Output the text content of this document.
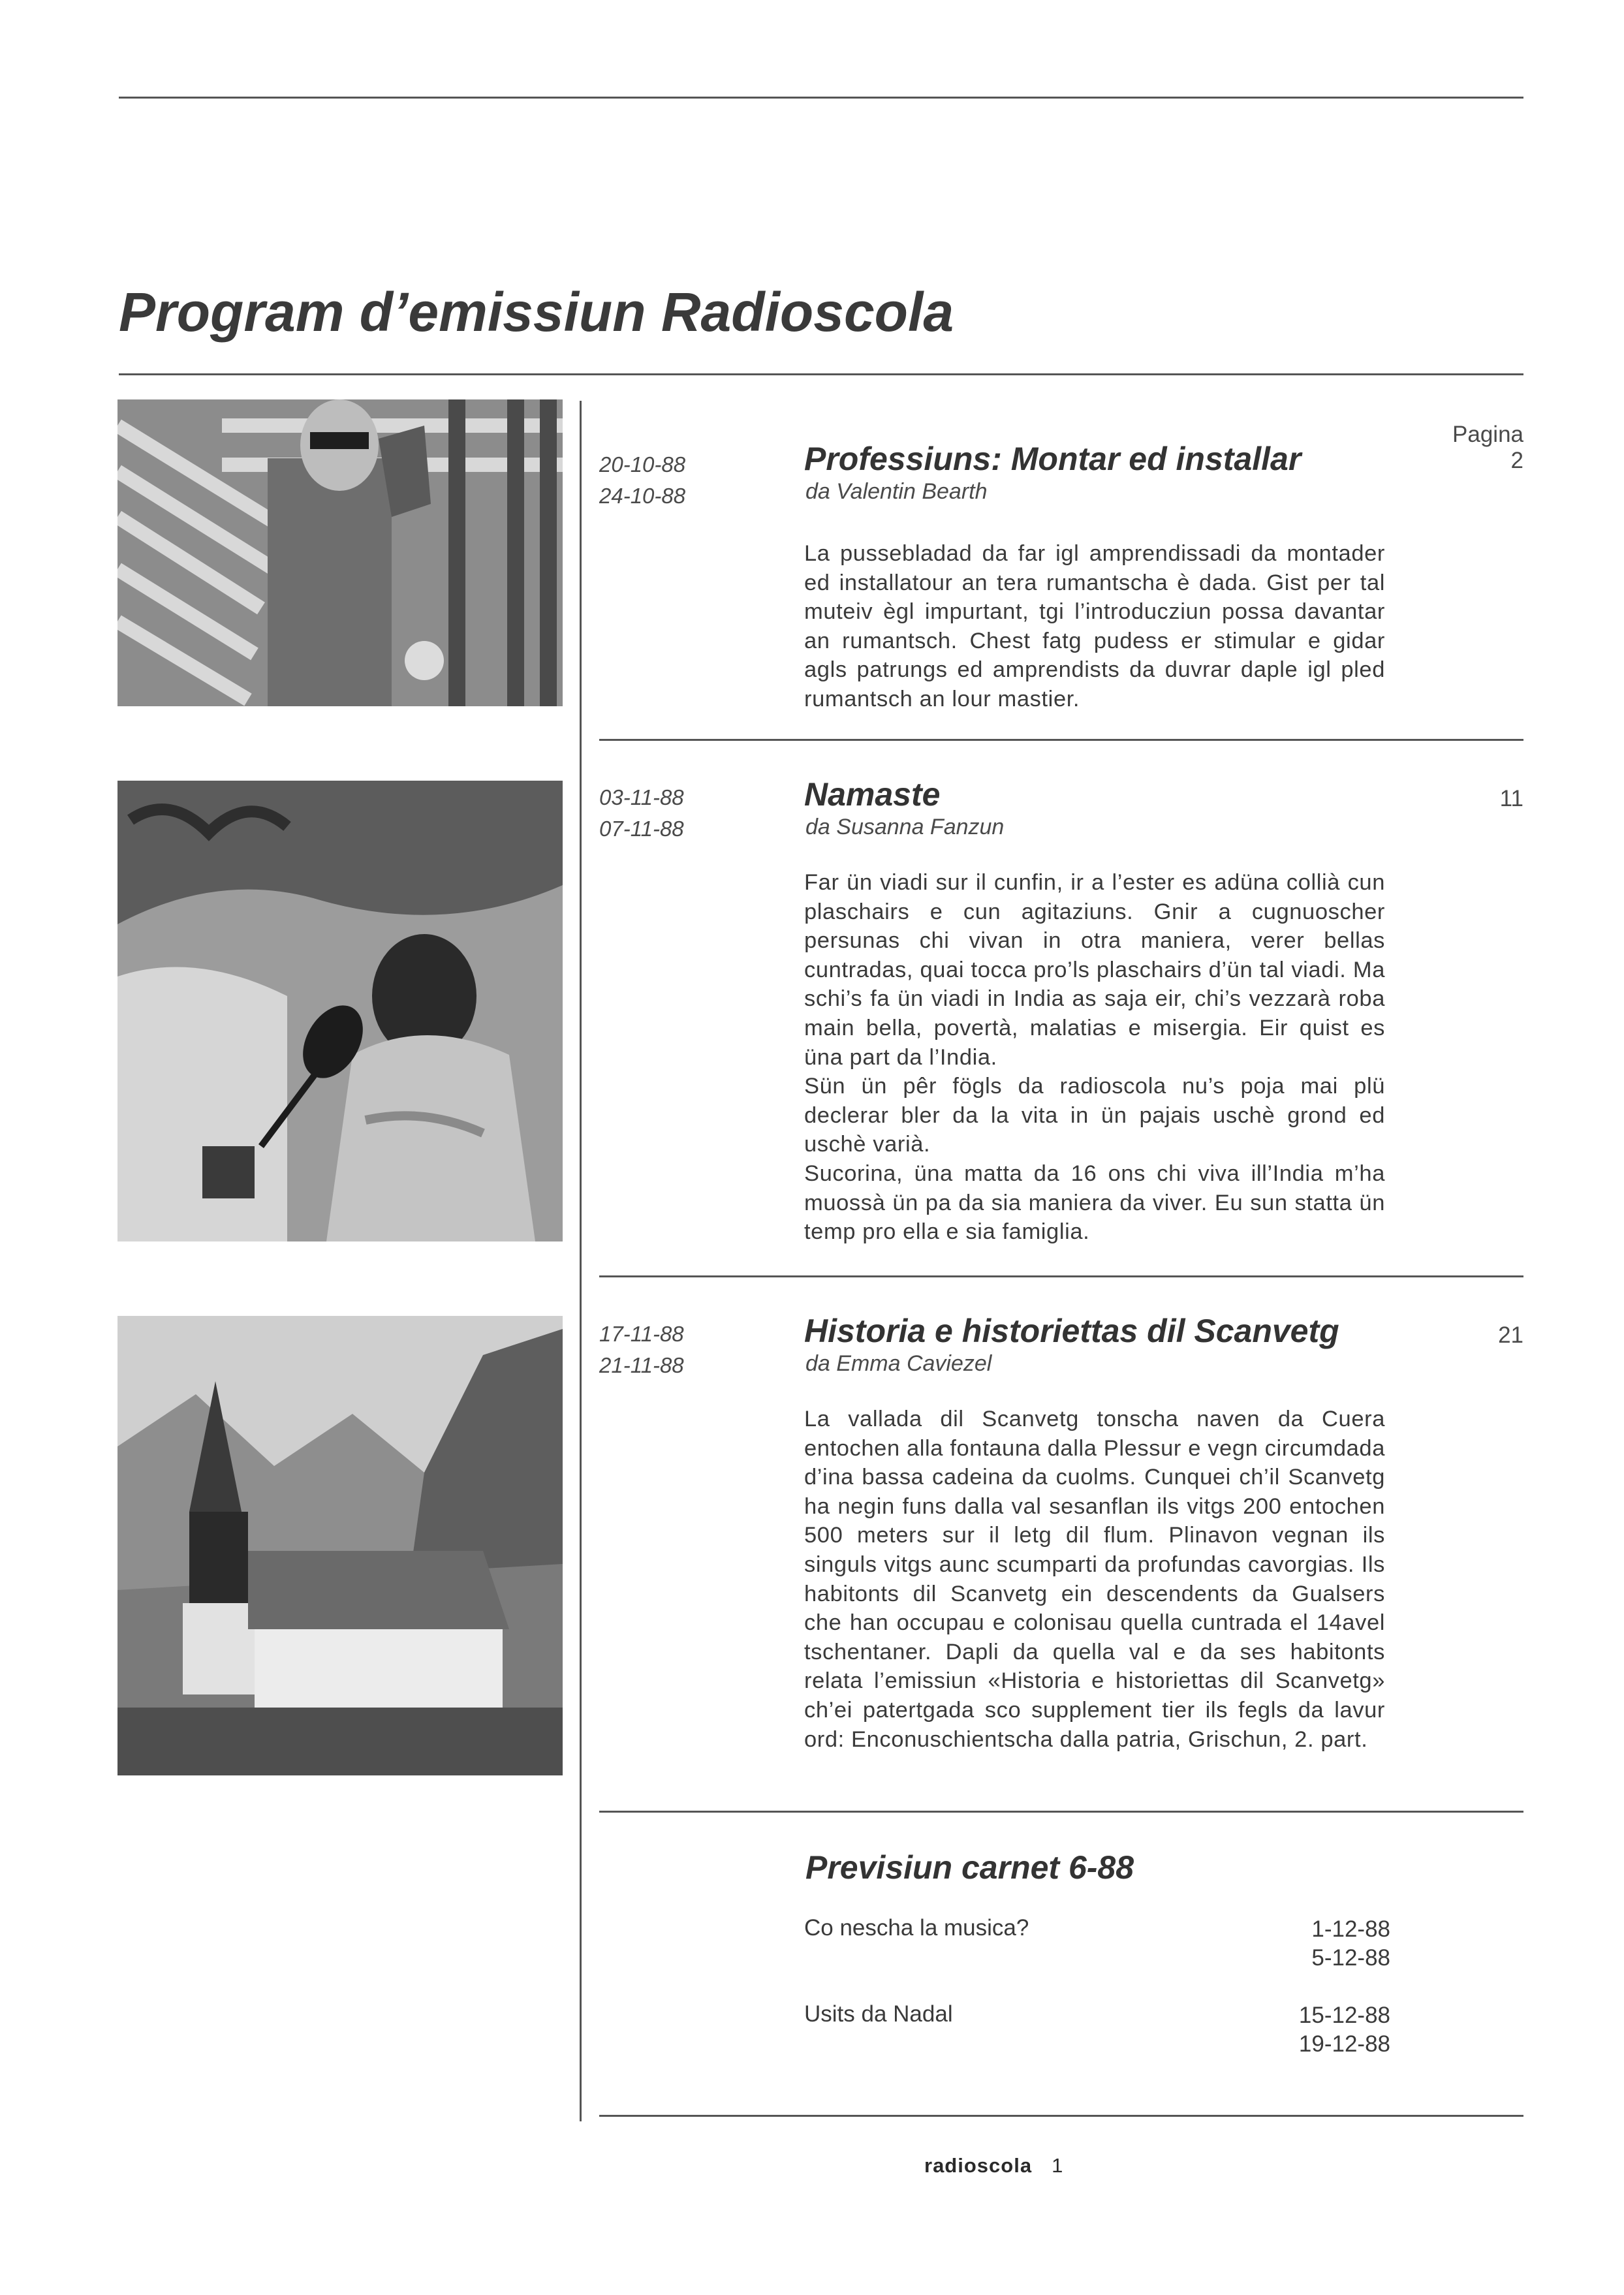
Program d’emissiun Radioscola
20-10-88
24-10-88
Pagina
2
Professiuns: Montar ed installar
da Valentin Bearth

La pussebladad da far igl amprendissadi da montader ed installatour an tera rumantscha è dada. Gist per tal muteiv ègl impurtant, tgi l’introducziun possa davantar an rumantsch. Chest fatg pudess er stimular e gidar agls patrungs ed amprendists da duvrar daple igl pled rumantsch an lour mastier.

03-11-88
07-11-88
Namaste
da Susanna Fanzun
11

Far ün viadi sur il cunfin, ir a l’ester es adüna collià cun plaschairs e cun agitaziuns. Gnir a cugnuoscher persunas chi vivan in otra maniera, verer bellas cuntradas, quai tocca pro’ls plaschairs d’ün tal viadi. Ma schi’s fa ün viadi in India as saja eir, chi’s vezzarà roba main bella, povertà, malatias e misergia. Eir quist es üna part da l’India.

Sün ün pêr fögls da radioscola nu’s poja mai plü declerar bler da la vita in ün pajais uschè grond ed uschè varià.

Sucorina, üna matta da 16 ons chi viva ill’India m’ha muossà ün pa da sia maniera da viver. Eu sun statta ün temp pro ella e sia famiglia.

17-11-88
21-11-88
Historia e historiettas dil Scanvetg
da Emma Caviezel
21

La vallada dil Scanvetg tonscha naven da Cuera entochen alla fontauna dalla Plessur e vegn circumdada d’ina bassa cadeina da cuolms. Cunquei ch’il Scanvetg ha negin funs dalla val sesanflan ils vitgs 200 entochen 500 meters sur il letg dil flum. Plinavon vegnan ils singuls vitgs aunc scumparti da profundas cavorgias. Ils habitonts dil Scanvetg ein descendents da Gualsers che han occupau e colonisau quella cuntrada el 14avel tschentaner. Dapli da quella val e da ses habitonts relata l’emissiun «Historia e historiettas dil Scanvetg» ch’ei patertgada sco supplement tier ils fegls da lavur ord: Enconuschientscha dalla patria, Grischun, 2. part.

Previsiun carnet 6-88
Co nescha la musica?	1-12-88
5-12-88
Usits da Nadal	15-12-88
19-12-88
radioscola 1
